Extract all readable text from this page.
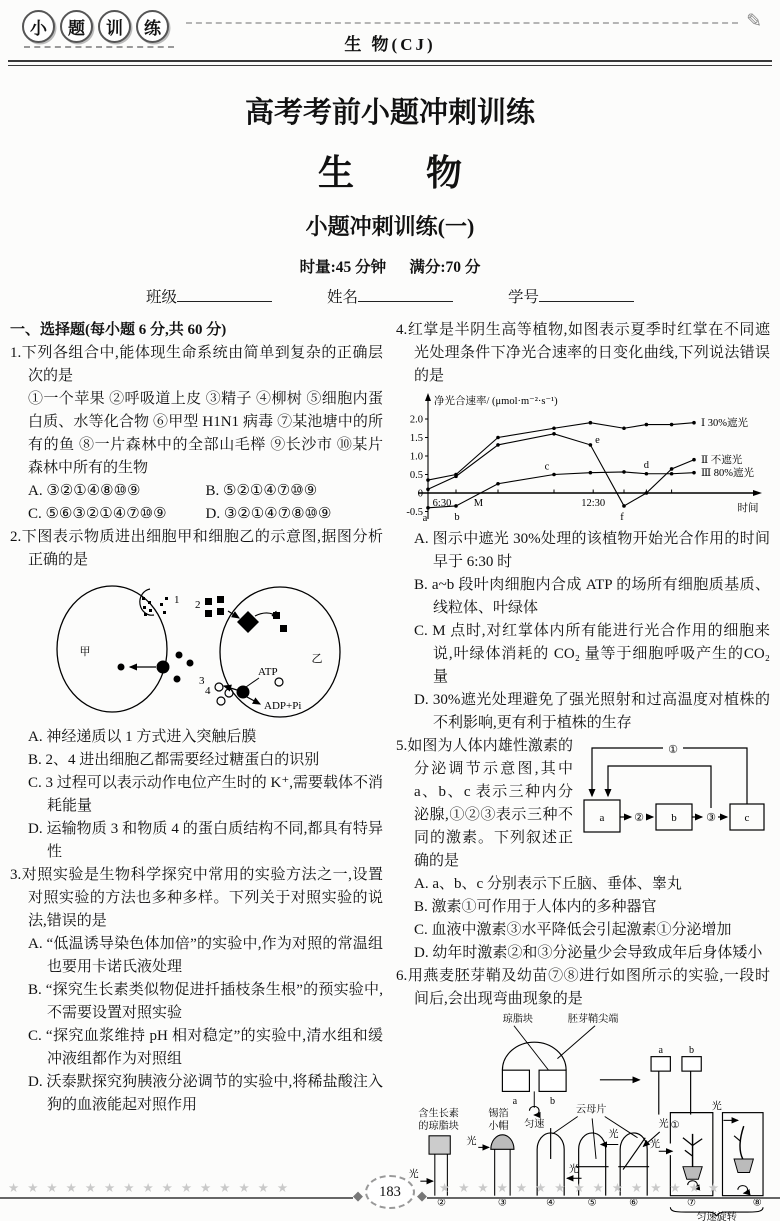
小	题	训	练	✎
生 物(CJ)
高考考前小题冲刺训练
生        物
小题冲刺训练(一)
时量:45 分钟      满分:70 分
班级	姓名	学号

一、选择题(每小题 6 分,共 60 分)

1.下列各组合中,能体现生命系统由简单到复杂的正确层次的是

①一个苹果 ②呼吸道上皮 ③精子 ④柳树 ⑤细胞内蛋白质、水等化合物 ⑥甲型 H1N1 病毒 ⑦某池塘中的所有的鱼 ⑧一片森林中的全部山毛榉 ⑨长沙市 ⑩某片森林中所有的生物

A. ③②①④⑧⑩⑨	B. ⑤②①④⑦⑩⑨
C. ⑤⑥③②①④⑦⑩⑨	D. ③②①④⑦⑧⑩⑨

2.下图表示物质进出细胞甲和细胞乙的示意图,据图分析正确的是

甲
1
3
乙
2
4
ATP
ADP+Pi

A. 神经递质以 1 方式进入突触后膜

B. 2、4 进出细胞乙都需要经过糖蛋白的识别

C. 3 过程可以表示动作电位产生时的 K⁺,需要载体不消耗能量

D. 运输物质 3 和物质 4 的蛋白质结构不同,都具有特异性

3.对照实验是生物科学探究中常用的实验方法之一,设置对照实验的方法也多种多样。下列关于对照实验的说法,错误的是

A. “低温诱导染色体加倍”的实验中,作为对照的常温组也要用卡诺氏液处理

B. “探究生长素类似物促进扦插枝条生根”的预实验中,不需要设置对照实验

C. “探究血浆维持 pH 相对稳定”的实验中,清水组和缓冲液组都作为对照组

D. 沃泰默探究狗胰液分泌调节的实验中,将稀盐酸注入狗的血液能起对照作用

4.红掌是半阴生高等植物,如图表示夏季时红掌在不同遮光处理条件下净光合速率的日变化曲线,下列说法错误的是

净光合速率/ (μmol·m⁻²·s⁻¹)
2.0
1.5
1.0
0.5
0
-0.5
6:30 M	12:30	时间
Ⅰ 30%遮光
Ⅱ 不遮光
Ⅲ 80%遮光
a	b
c	d
e
f

A. 图示中遮光 30%处理的该植物开始光合作用的时间早于 6:30 时

B. a~b 段叶肉细胞内合成 ATP 的场所有细胞质基质、线粒体、叶绿体

C. M 点时,对红掌体内所有能进行光合作用的细胞来说,叶绿体消耗的 CO₂ 量等于细胞呼吸产生的CO₂ 量

D. 30%遮光处理避免了强光照射和过高温度对植株的不利影响,更有利于植株的生存

a	b	c
②	③
①

5.如图为人体内雄性激素的分泌调节示意图,其中 a、b、c 表示三种内分泌腺,①②③表示三种不同的激素。下列叙述正确的是

A. a、b、c 分别表示下丘脑、垂体、睾丸

B. 激素①可作用于人体内的多种器官

C. 血液中激素③水平降低会引起激素①分泌增加

D. 幼年时激素②和③分泌量少会导致成年后身体矮小

6.用燕麦胚芽鞘及幼苗⑦⑧进行如图所示的实验,一段时间后,会出现弯曲现象的是

琼脂块	胚芽鞘尖端
a	b
匀速
a b
①
含生长素
的琼脂块
光
②
锡箔
小帽
光
③
云母片
光
④
光
⑤
光
⑥
光
⑦
光
⑧
匀速旋转
★★★★★★★★★★★★★★★
◆	183	◆
★★★★★★★★★★★★★★★
